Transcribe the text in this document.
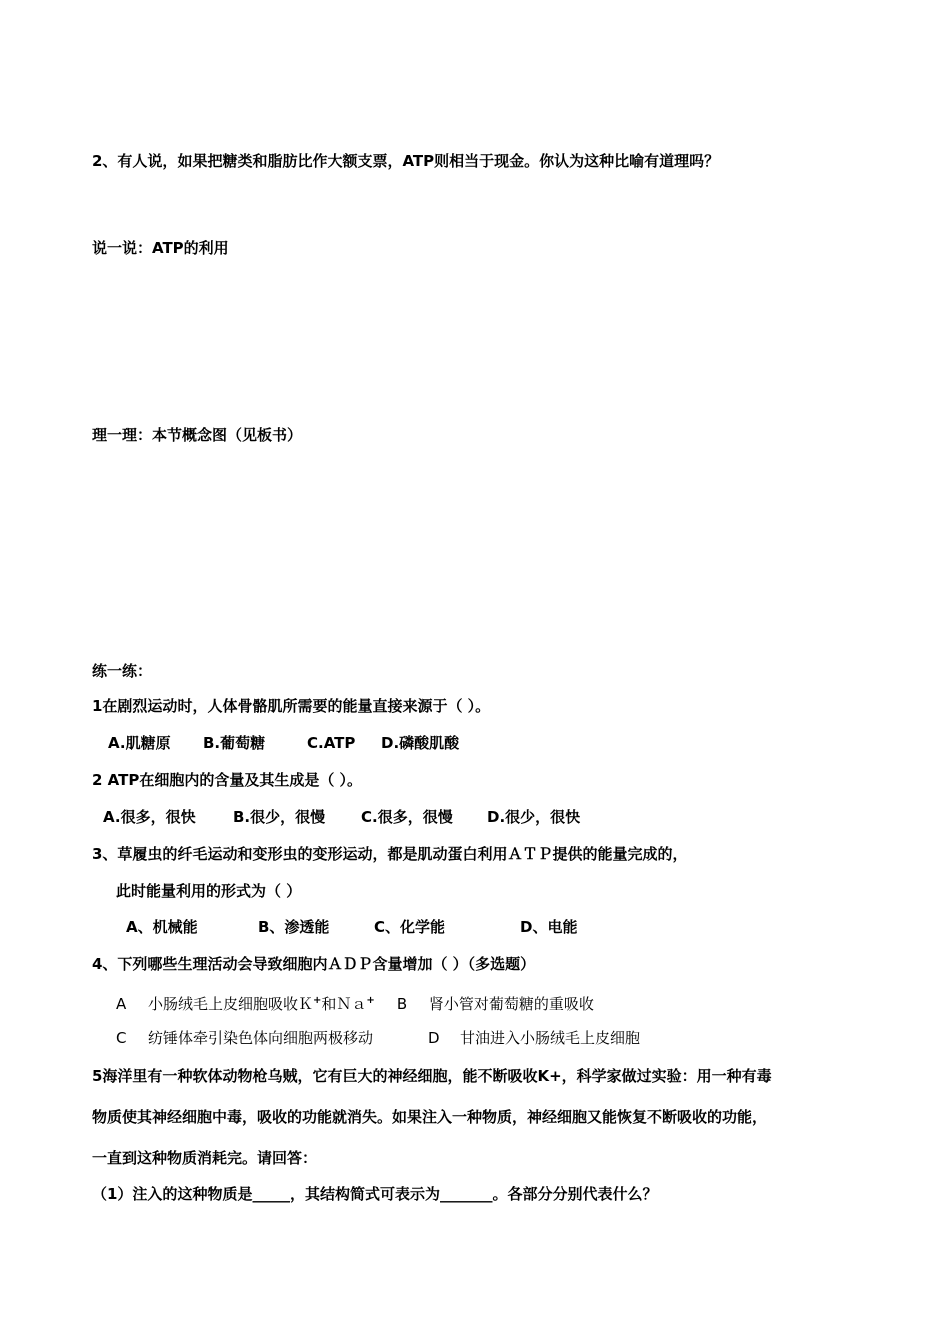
2、有人说，如果把糖类和脂肪比作大额支票，ATP则相当于现金。你认为这种比喻有道理吗？
说一说：ATP的利用
理一理：本节概念图（见板书）
练一练：
1在剧烈运动时，人体骨骼肌所需要的能量直接来源于（ ）。
A.肌糖原 B.葡萄糖	C.ATP D.磷酸肌酸
2 ATP在细胞内的含量及其生成是（ ）。
A.很多，很快 B.很少，很慢 C.很多，很慢 D.很少，很快
3、草履虫的纤毛运动和变形虫的变形运动，都是肌动蛋白利用ＡＴＰ提供的能量完成的，
此时能量利用的形式为（ ）
A、机械能	B、渗透能	C、化学能	D、电能
4、下列哪些生理活动会导致细胞内ＡＤＰ含量增加（ ）（多选题）
A 小肠绒毛上皮细胞吸收Ｋ+和Ｎａ+ B 肾小管对葡萄糖的重吸收
C 纺锤体牵引染色体向细胞两极移动	D 甘油进入小肠绒毛上皮细胞
5海洋里有一种软体动物枪乌贼，它有巨大的神经细胞，能不断吸收K+，科学家做过实验：用一种有毒
物质使其神经细胞中毒，吸收的功能就消失。如果注入一种物质，神经细胞又能恢复不断吸收的功能，
一直到这种物质消耗完。请回答：
（1）注入的这种物质是_____，其结构简式可表示为_______。各部分分别代表什么？
